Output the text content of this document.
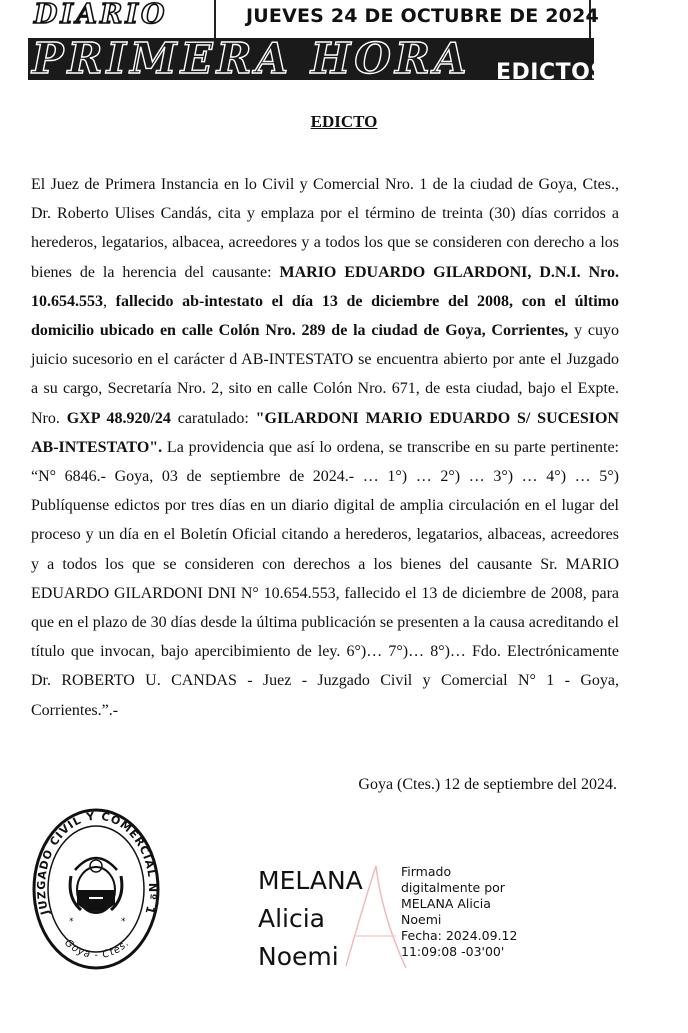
DIARIO	JUEVES 24 DE OCTUBRE DE 2024
PRIMERA HORA EDICTOS
EDICTO
El Juez de Primera Instancia en lo Civil y Comercial Nro. 1 de la ciudad de Goya, Ctes., Dr. Roberto Ulises Candás, cita y emplaza por el término de treinta (30) días corridos a herederos, legatarios, albacea, acreedores y a todos los que se consideren con derecho a los bienes de la herencia del causante: MARIO EDUARDO GILARDONI, D.N.I. Nro. 10.654.553, fallecido ab-intestato el día 13 de diciembre del 2008, con el último domicilio ubicado en calle Colón Nro. 289 de la ciudad de Goya, Corrientes, y cuyo juicio sucesorio en el carácter d AB-INTESTATO se encuentra abierto por ante el Juzgado a su cargo, Secretaría Nro. 2, sito en calle Colón Nro. 671, de esta ciudad, bajo el Expte. Nro. GXP 48.920/24 caratulado: "GILARDONI MARIO EDUARDO S/ SUCESION AB-INTESTATO". La providencia que así lo ordena, se transcribe en su parte pertinente: “N° 6846.- Goya, 03 de septiembre de 2024.- … 1°) … 2°) … 3°) … 4°) … 5°) Publíquense edictos por tres días en un diario digital de amplia circulación en el lugar del proceso y un día en el Boletín Oficial citando a herederos, legatarios, albaceas, acreedores y a todos los que se consideren con derechos a los bienes del causante Sr. MARIO EDUARDO GILARDONI DNI N° 10.654.553, fallecido el 13 de diciembre de 2008, para que en el plazo de 30 días desde la última publicación se presenten a la causa acreditando el título que invocan, bajo apercibimiento de ley. 6°)… 7°)… 8°)… Fdo. Electrónicamente Dr. ROBERTO U. CANDAS - Juez - Juzgado Civil y Comercial N° 1 - Goya, Corrientes.”.-
Goya (Ctes.) 12 de septiembre del 2024.
JUZGADO CIVIL Y COMERCIAL Nº 1
Goya - Ctes.
*	*
MELANA
Alicia
Noemi
Firmado
digitalmente por
MELANA Alicia
Noemi
Fecha: 2024.09.12
11:09:08 -03'00'
